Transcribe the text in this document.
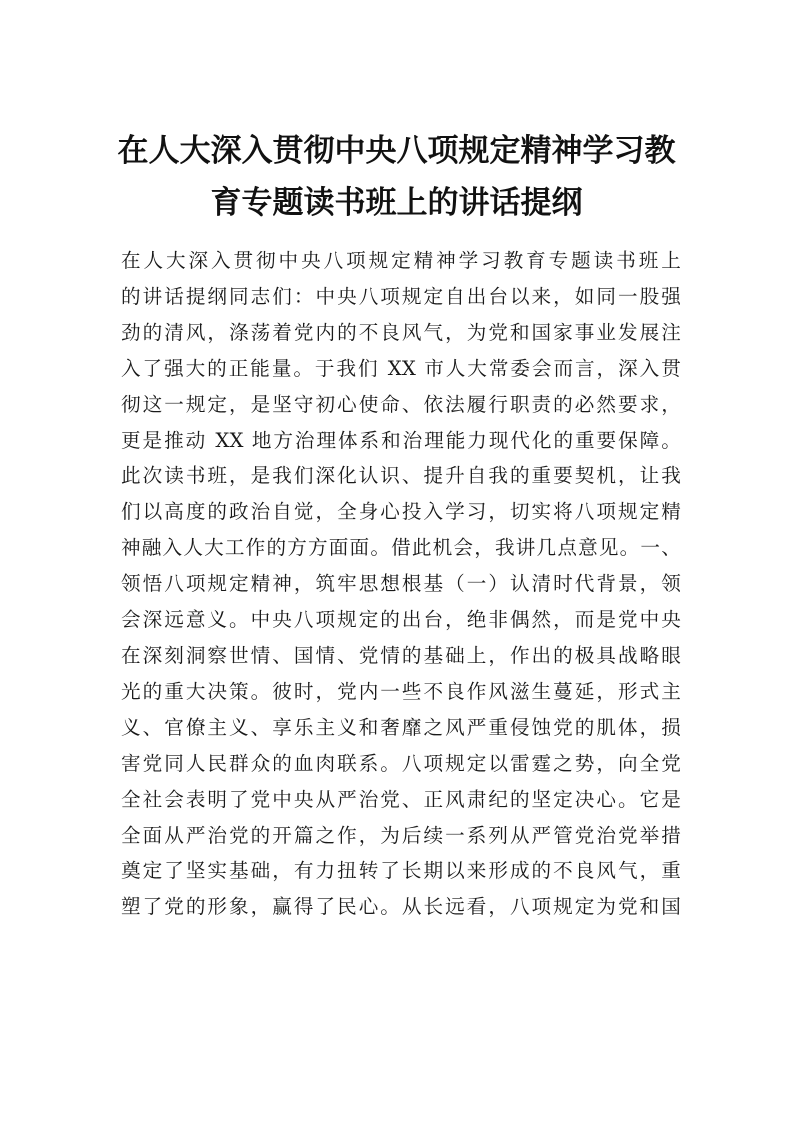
在人大深入贯彻中央八项规定精神学习教
育专题读书班上的讲话提纲
在人大深入贯彻中央八项规定精神学习教育专题读书班上
的讲话提纲同志们：中央八项规定自出台以来，如同一股强
劲的清风，涤荡着党内的不良风气，为党和国家事业发展注
入了强大的正能量。于我们 XX 市人大常委会而言，深入贯
彻这一规定，是坚守初心使命、依法履行职责的必然要求，
更是推动 XX 地方治理体系和治理能力现代化的重要保障。
此次读书班，是我们深化认识、提升自我的重要契机，让我
们以高度的政治自觉，全身心投入学习，切实将八项规定精
神融入人大工作的方方面面。借此机会，我讲几点意见。一、
领悟八项规定精神，筑牢思想根基（一）认清时代背景，领
会深远意义。中央八项规定的出台，绝非偶然，而是党中央
在深刻洞察世情、国情、党情的基础上，作出的极具战略眼
光的重大决策。彼时，党内一些不良作风滋生蔓延，形式主
义、官僚主义、享乐主义和奢靡之风严重侵蚀党的肌体，损
害党同人民群众的血肉联系。八项规定以雷霆之势，向全党
全社会表明了党中央从严治党、正风肃纪的坚定决心。它是
全面从严治党的开篇之作，为后续一系列从严管党治党举措
奠定了坚实基础，有力扭转了长期以来形成的不良风气，重
塑了党的形象，赢得了民心。从长远看，八项规定为党和国
